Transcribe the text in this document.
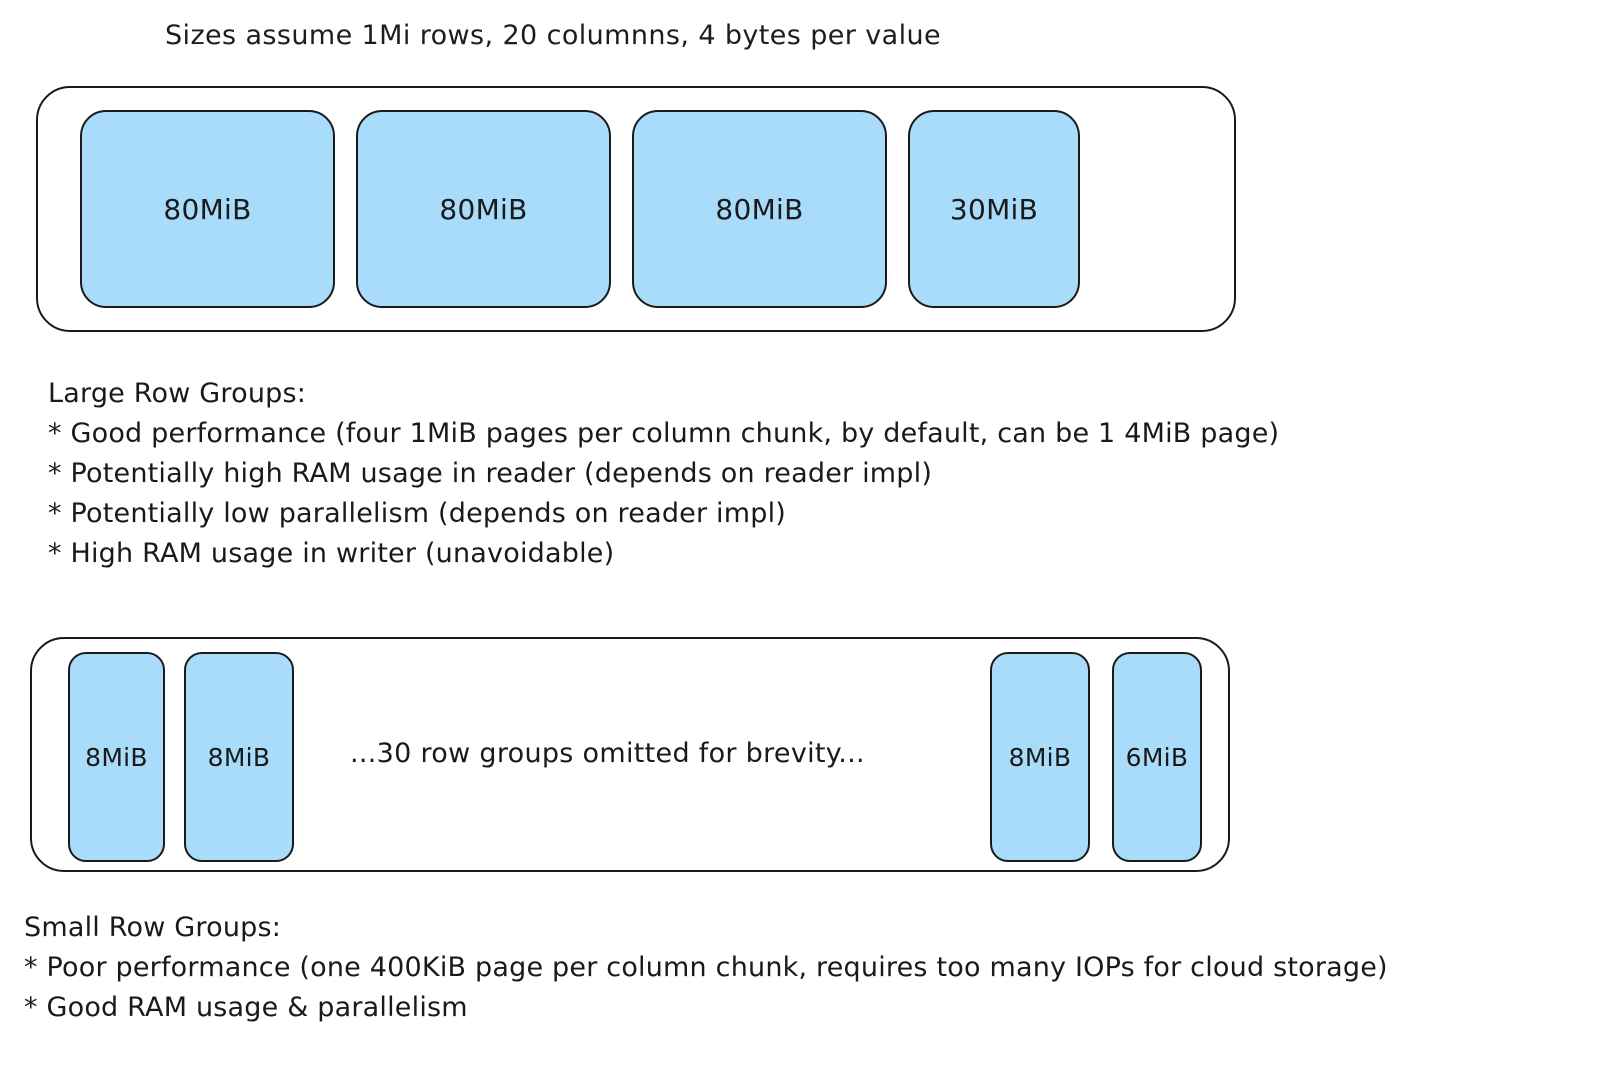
Sizes assume 1Mi rows, 20 columnns, 4 bytes per value
80MiB	80MiB	80MiB	30MiB
Large Row Groups:
* Good performance (four 1MiB pages per column chunk, by default, can be 1 4MiB page)
* Potentially high RAM usage in reader (depends on reader impl)
* Potentially low parallelism (depends on reader impl)
* High RAM usage in writer (unavoidable)
8MiB 8MiB	...30 row groups omitted for brevity...	8MiB 6MiB
Small Row Groups:
* Poor performance (one 400KiB page per column chunk, requires too many IOPs for cloud storage)
* Good RAM usage & parallelism
